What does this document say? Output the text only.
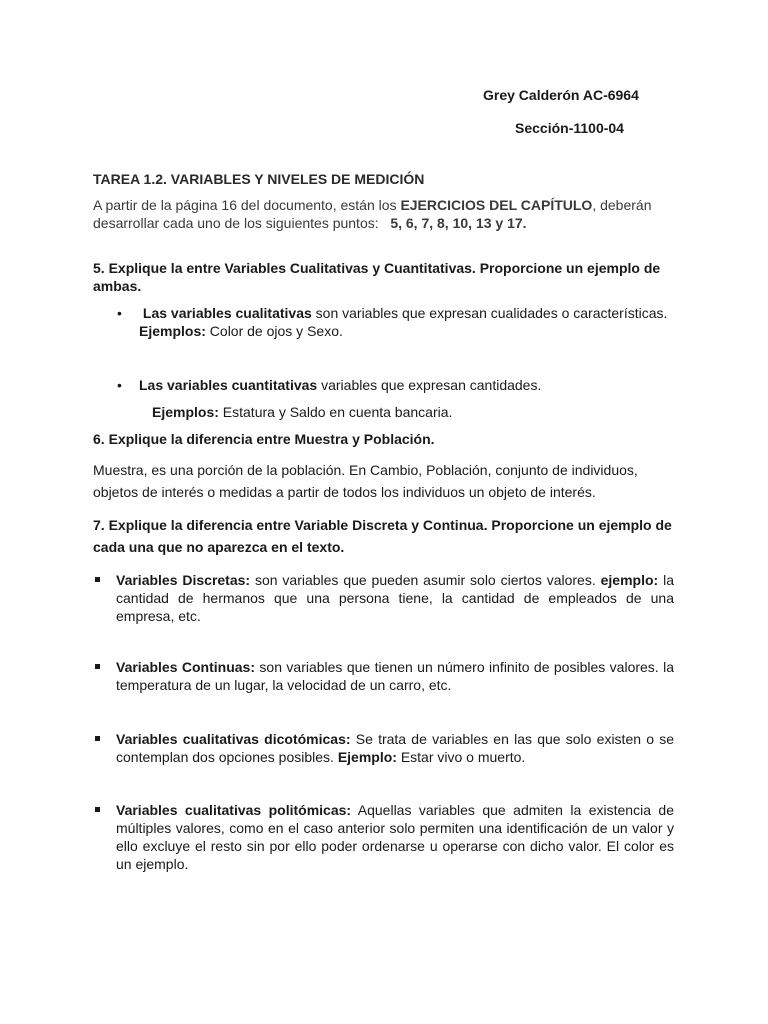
Grey Calderón AC-6964
Sección-1100-04
TAREA 1.2. VARIABLES Y NIVELES DE MEDICIÓN
A partir de la página 16 del documento, están los EJERCICIOS DEL CAPÍTULO, deberán desarrollar cada uno de los siguientes puntos: 5, 6, 7, 8, 10, 13 y 17.
5. Explique la entre Variables Cualitativas y Cuantitativas. Proporcione un ejemplo de ambas.
• Las variables cualitativas son variables que expresan cualidades o características.
Ejemplos: Color de ojos y Sexo.
• Las variables cuantitativas variables que expresan cantidades.
Ejemplos: Estatura y Saldo en cuenta bancaria.
6. Explique la diferencia entre Muestra y Población.
Muestra, es una porción de la población. En Cambio, Población, conjunto de individuos, objetos de interés o medidas a partir de todos los individuos un objeto de interés.
7. Explique la diferencia entre Variable Discreta y Continua. Proporcione un ejemplo de cada una que no aparezca en el texto.
Variables Discretas: son variables que pueden asumir solo ciertos valores. ejemplo: la cantidad de hermanos que una persona tiene, la cantidad de empleados de una empresa, etc.
Variables Continuas: son variables que tienen un número infinito de posibles valores. la temperatura de un lugar, la velocidad de un carro, etc.
Variables cualitativas dicotómicas: Se trata de variables en las que solo existen o se contemplan dos opciones posibles. Ejemplo: Estar vivo o muerto.
Variables cualitativas politómicas: Aquellas variables que admiten la existencia de múltiples valores, como en el caso anterior solo permiten una identificación de un valor y ello excluye el resto sin por ello poder ordenarse u operarse con dicho valor. El color es un ejemplo.
